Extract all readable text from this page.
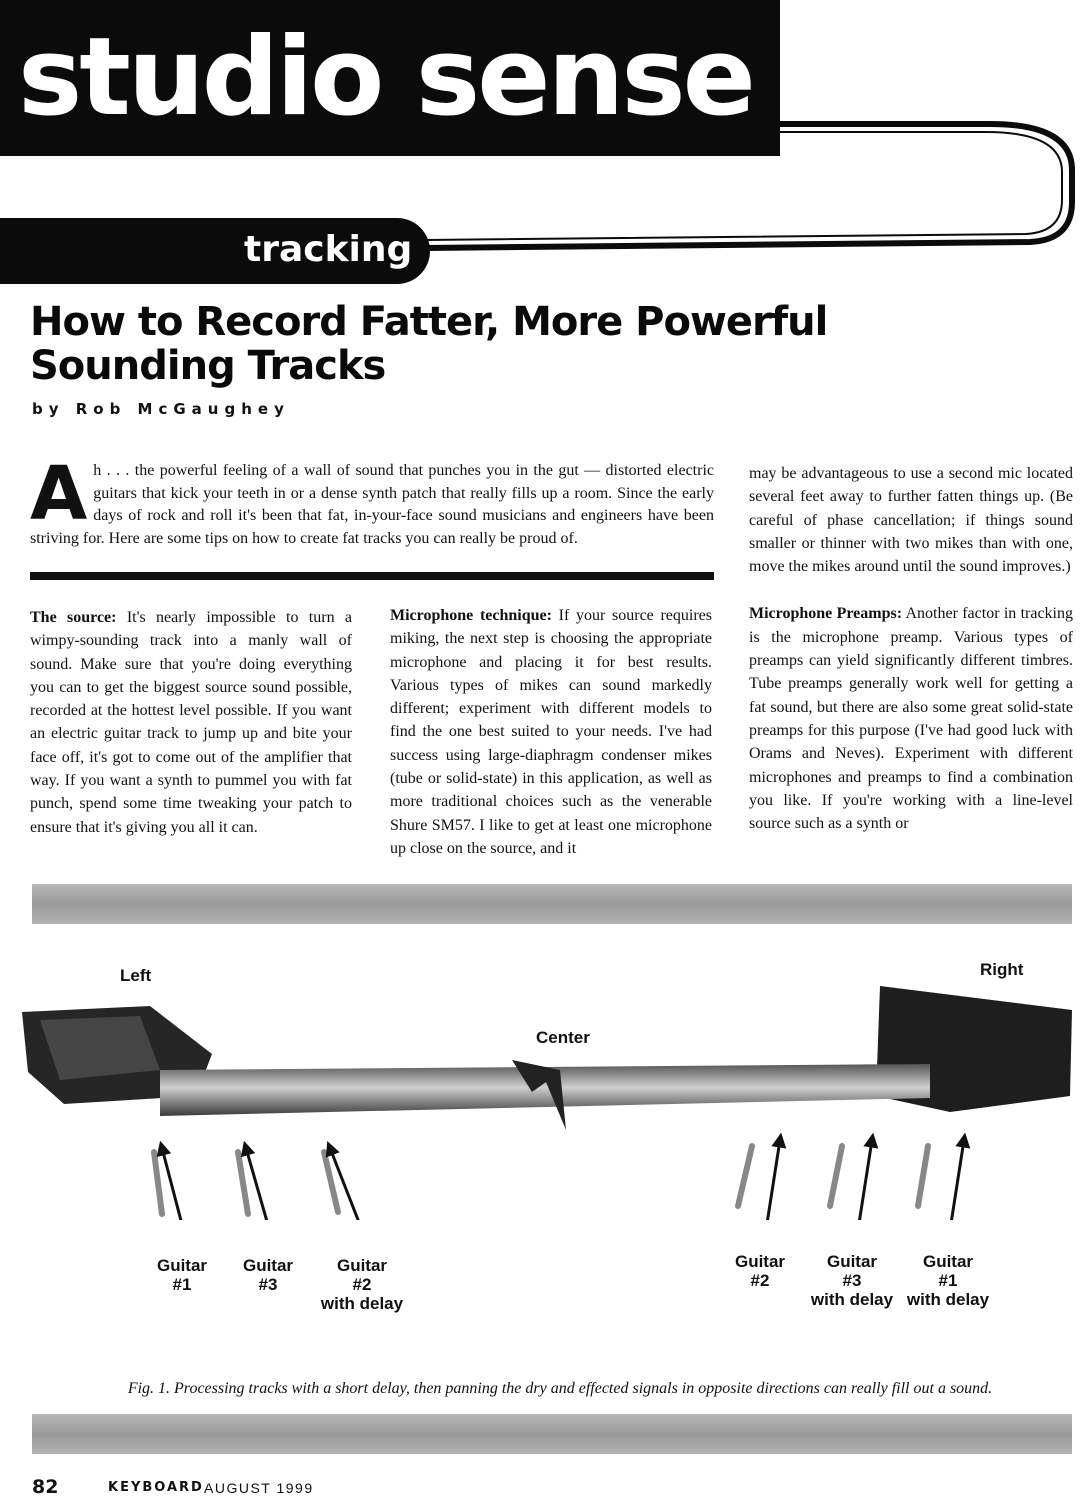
studio sense
tracking
How to Record Fatter, More Powerful
Sounding Tracks
by Rob McGaughey
A h . . . the powerful feeling of a wall of sound that punches you in the gut — distorted electric guitars that kick your teeth in or a dense synth patch that really fills up a room. Since the early days of rock and roll it's been that fat, in-your-face sound musicians and engineers have been striving for. Here are some tips on how to create fat tracks you can really be proud of.

The source: It's nearly impossible to turn a wimpy-sounding track into a manly wall of sound. Make sure that you're doing everything you can to get the biggest source sound possible, recorded at the hottest level possible. If you want an electric guitar track to jump up and bite your face off, it's got to come out of the amplifier that way. If you want a synth to pummel you with fat punch, spend some time tweaking your patch to ensure that it's giving you all it can.

Microphone technique: If your source requires miking, the next step is choosing the appropriate microphone and placing it for best results. Various types of mikes can sound markedly different; experiment with different models to find the one best suited to your needs. I've had success using large-diaphragm condenser mikes (tube or solid-state) in this application, as well as more traditional choices such as the venerable Shure SM57. I like to get at least one microphone up close on the source, and it

may be advantageous to use a second mic located several feet away to further fatten things up. (Be careful of phase cancellation; if things sound smaller or thinner with two mikes than with one, move the mikes around until the sound improves.)

Microphone Preamps: Another factor in tracking is the microphone preamp. Various types of preamps can yield significantly different timbres. Tube preamps generally work well for getting a fat sound, but there are also some great solid-state preamps for this purpose (I've had good luck with Orams and Neves). Experiment with different microphones and preamps to find a combination you like. If you're working with a line-level source such as a synth or

Left
Center
Right
Guitar
#1
Guitar
#3
Guitar
#2
with delay
Guitar
#2
Guitar
#3
with delay
Guitar
#1
with delay
Fig. 1. Processing tracks with a short delay, then panning the dry and effected signals in opposite directions can really fill out a sound.
82	KEYBOARD AUGUST 1999
